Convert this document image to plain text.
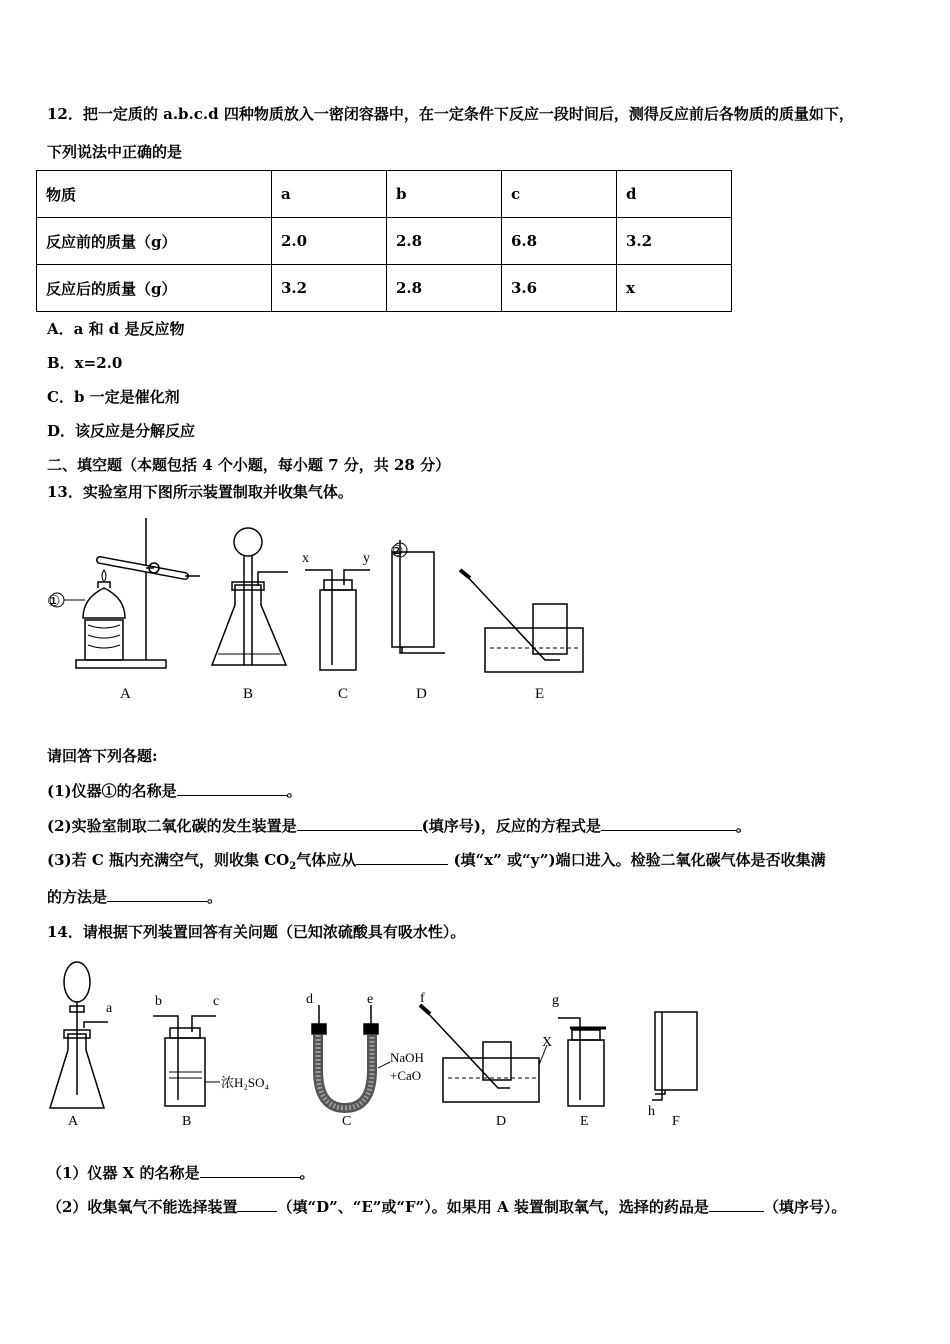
12．把一定质的 a.b.c.d 四种物质放入一密闭容器中，在一定条件下反应一段时间后，测得反应前后各物质的质量如下，
下列说法中正确的是
物质	a	b	c	d
反应前的质量（g）	2.0	2.8	6.8	3.2
反应后的质量（g）	3.2	2.8	3.6	x
A．a 和 d 是反应物
B．x=2.0
C．b 一定是催化剂
D．该反应是分解反应
二、填空题（本题包括 4 个小题，每小题 7 分，共 28 分）
13．实验室用下图所示装置制取并收集气体。
①
A	B
x	y
C
②
D	E
请回答下列各题:
(1)仪器①的名称是	。
(2)实验室制取二氧化碳的发生装置是	(填序号)，反应的方程式是	。
(3)若 C 瓶内充满空气，则收集 $CO_2$气体应从	(填“x” 或“y”)端口进入。检验二氧化碳气体是否收集满
的方法是	。
14．请根据下列装置回答有关问题（已知浓硫酸具有吸水性）。
a
A
b	c
浓H₂SO₄
B
d	e
NaOH
+CaO
C
f
X
D
g
E
h
F
（1）仪器 X 的名称是	。
（2）收集氧气不能选择装置	（填“D”、“E”或“F”）。如果用 A 装置制取氧气，选择的药品是	（填序号）。
